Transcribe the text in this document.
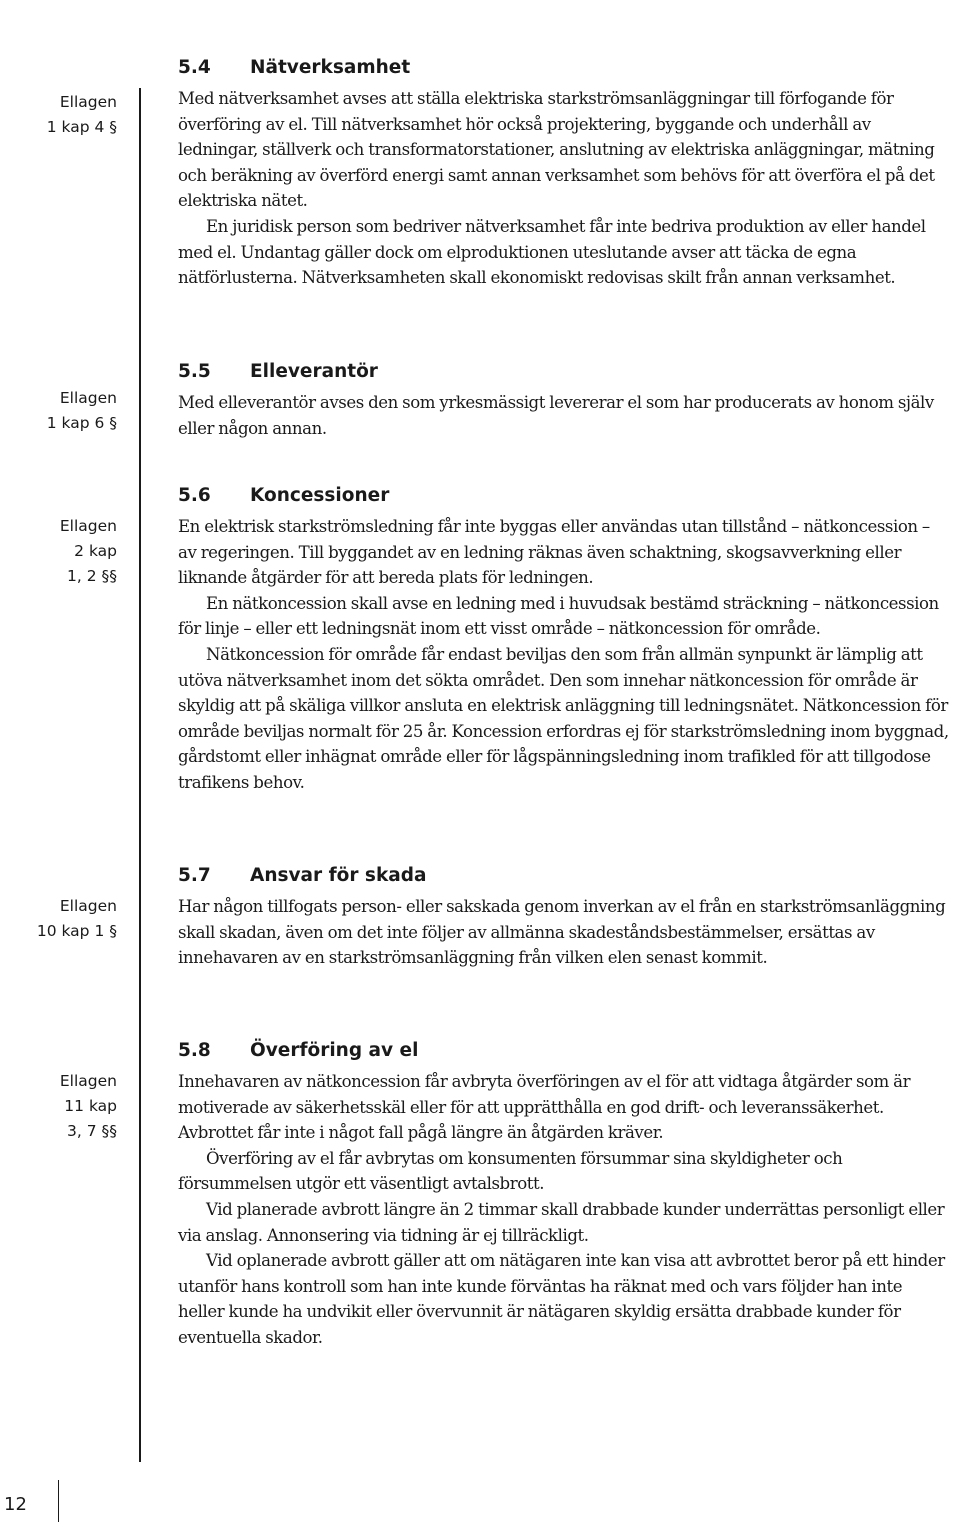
Ellagen
1 kap 4 §
5.4 Nätverksamhet

Med nätverksamhet avses att ställa elektriska starkströmsanläggningar till förfogande för överföring av el. Till nätverksamhet hör också projektering, byggande och underhåll av ledningar, ställverk och transformatorstationer, anslutning av elektriska anläggningar, mätning och beräkning av överförd energi samt annan verksamhet som behövs för att överföra el på det elektriska nätet.

En juridisk person som bedriver nätverksamhet får inte bedriva produktion av eller handel med el. Undantag gäller dock om elproduktionen uteslutande avser att täcka de egna nätförlusterna. Nätverksamheten skall ekonomiskt redovisas skilt från annan verksamhet.

Ellagen
1 kap 6 §
5.5 Elleverantör

Med elleverantör avses den som yrkesmässigt levererar el som har producerats av honom själv eller någon annan.

Ellagen
2 kap
1, 2 §§
5.6 Koncessioner

En elektrisk starkströmsledning får inte byggas eller användas utan tillstånd – nätkoncession – av regeringen. Till byggandet av en ledning räknas även schaktning, skogsavverkning eller liknande åtgärder för att bereda plats för ledningen.

En nätkoncession skall avse en ledning med i huvudsak bestämd sträckning – nätkoncession för linje – eller ett ledningsnät inom ett visst område – nätkoncession för område.

Nätkoncession för område får endast beviljas den som från allmän synpunkt är lämplig att utöva nätverksamhet inom det sökta området. Den som innehar nätkoncession för område är skyldig att på skäliga villkor ansluta en elektrisk anläggning till ledningsnätet. Nätkoncession för område beviljas normalt för 25 år. Koncession erfordras ej för starkströmsledning inom byggnad, gårdstomt eller inhägnat område eller för lågspänningsledning inom trafikled för att tillgodose trafikens behov.

Ellagen
10 kap 1 §
5.7 Ansvar för skada

Har någon tillfogats person- eller sakskada genom inverkan av el från en starkströmsanläggning skall skadan, även om det inte följer av allmänna skadeståndsbestämmelser, ersättas av innehavaren av en starkströmsanläggning från vilken elen senast kommit.

Ellagen
11 kap
3, 7 §§
5.8 Överföring av el

Innehavaren av nätkoncession får avbryta överföringen av el för att vidtaga åtgärder som är motiverade av säkerhetsskäl eller för att upprätthålla en god drift- och leveranssäkerhet. Avbrottet får inte i något fall pågå längre än åtgärden kräver.

Överföring av el får avbrytas om konsumenten försummar sina skyldigheter och försummelsen utgör ett väsentligt avtalsbrott.

Vid planerade avbrott längre än 2 timmar skall drabbade kunder underrättas personligt eller via anslag. Annonsering via tidning är ej tillräckligt.

Vid oplanerade avbrott gäller att om nätägaren inte kan visa att avbrottet beror på ett hinder utanför hans kontroll som han inte kunde förväntas ha räknat med och vars följder han inte heller kunde ha undvikit eller övervunnit är nätägaren skyldig ersätta drabbade kunder för eventuella skador.

12
